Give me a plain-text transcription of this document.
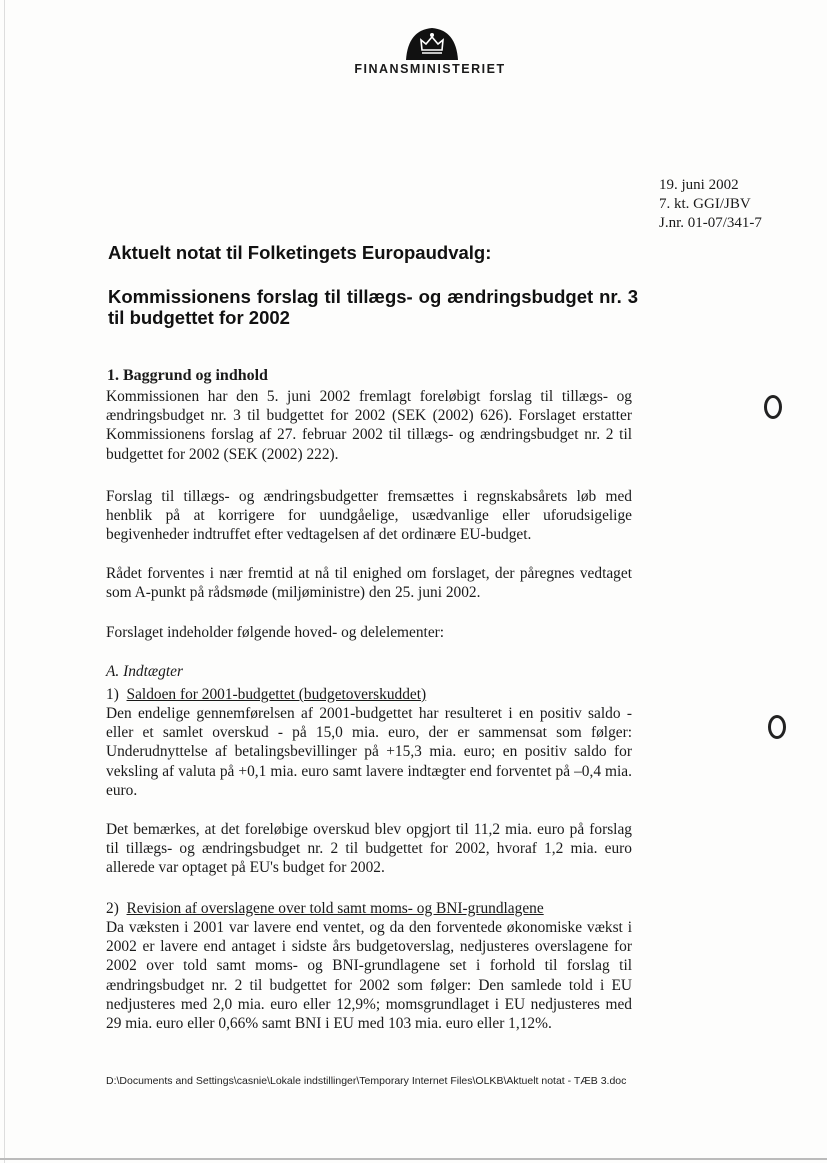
FINANSMINISTERIET
19. juni 2002
7. kt. GGI/JBV
J.nr. 01-07/341-7
Aktuelt notat til Folketingets Europaudvalg:
Kommissionens forslag til tillægs- og ændringsbudget nr. 3 til budgettet for 2002
1. Baggrund og indhold

Kommissionen har den 5. juni 2002 fremlagt foreløbigt forslag til tillægs- og ændringsbudget nr. 3 til budgettet for 2002 (SEK (2002) 626). Forslaget erstatter Kommissionens forslag af 27. februar 2002 til tillægs- og ændringsbudget nr. 2 til budgettet for 2002 (SEK (2002) 222).

Forslag til tillægs- og ændringsbudgetter fremsættes i regnskabsårets løb med henblik på at korrigere for uundgåelige, usædvanlige eller uforudsigelige begivenheder indtruffet efter vedtagelsen af det ordinære EU-budget.

Rådet forventes i nær fremtid at nå til enighed om forslaget, der påregnes vedtaget som A-punkt på rådsmøde (miljøministre) den 25. juni 2002.

Forslaget indeholder følgende hoved- og delelementer:

A. Indtægter
1) Saldoen for 2001-budgettet (budgetoverskuddet)

Den endelige gennemførelsen af 2001-budgettet har resulteret i en positiv saldo - eller et samlet overskud - på 15,0 mia. euro, der er sammensat som følger: Underudnyttelse af betalingsbevillinger på +15,3 mia. euro; en positiv saldo for veksling af valuta på +0,1 mia. euro samt lavere indtægter end forventet på –0,4 mia. euro.

Det bemærkes, at det foreløbige overskud blev opgjort til 11,2 mia. euro på forslag til tillægs- og ændringsbudget nr. 2 til budgettet for 2002, hvoraf 1,2 mia. euro allerede var optaget på EU's budget for 2002.

2) Revision af overslagene over told samt moms- og BNI-grundlagene

Da væksten i 2001 var lavere end ventet, og da den forventede økonomiske vækst i 2002 er lavere end antaget i sidste års budgetoverslag, nedjusteres overslagene for 2002 over told samt moms- og BNI-grundlagene set i forhold til forslag til ændringsbudget nr. 2 til budgettet for 2002 som følger: Den samlede told i EU nedjusteres med 2,0 mia. euro eller 12,9%; momsgrundlaget i EU nedjusteres med 29 mia. euro eller 0,66% samt BNI i EU med 103 mia. euro eller 1,12%.

D:\Documents and Settings\casnie\Lokale indstillinger\Temporary Internet Files\OLKB\Aktuelt notat - TÆB 3.doc
